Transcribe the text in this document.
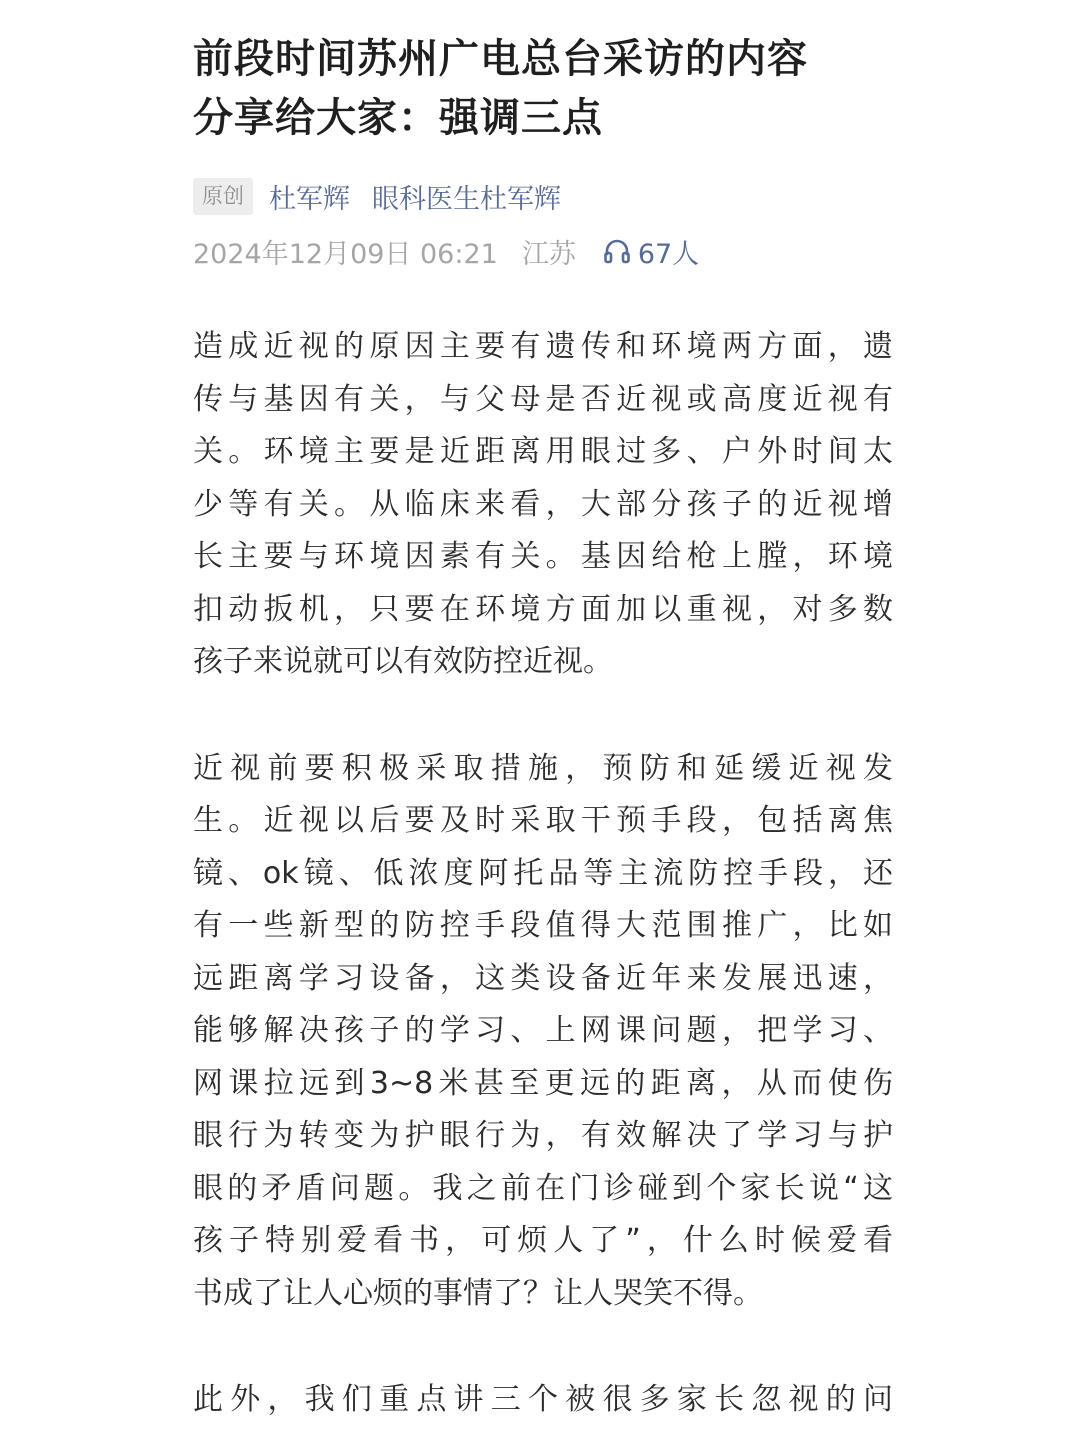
前段时间苏州广电总台采访的内容
分享给大家：强调三点
原创 杜军辉 眼科医生杜军辉
2024年12月09日 06:21 江苏 67人

造成近视的原因主要有遗传和环境两方面，遗
传与基因有关，与父母是否近视或高度近视有
关。环境主要是近距离用眼过多、户外时间太
少等有关。从临床来看，大部分孩子的近视增
长主要与环境因素有关。基因给枪上膛，环境
扣动扳机，只要在环境方面加以重视，对多数
孩子来说就可以有效防控近视。

近视前要积极采取措施，预防和延缓近视发
生。近视以后要及时采取干预手段，包括离焦
镜、ok镜、低浓度阿托品等主流防控手段，还
有一些新型的防控手段值得大范围推广，比如
远距离学习设备，这类设备近年来发展迅速，
能够解决孩子的学习、上网课问题，把学习、
网课拉远到3~8米甚至更远的距离，从而使伤
眼行为转变为护眼行为，有效解决了学习与护
眼的矛盾问题。我之前在门诊碰到个家长说“这
孩子特别爱看书，可烦人了”，什么时候爱看
书成了让人心烦的事情了？让人哭笑不得。

此外，我们重点讲三个被很多家长忽视的问
